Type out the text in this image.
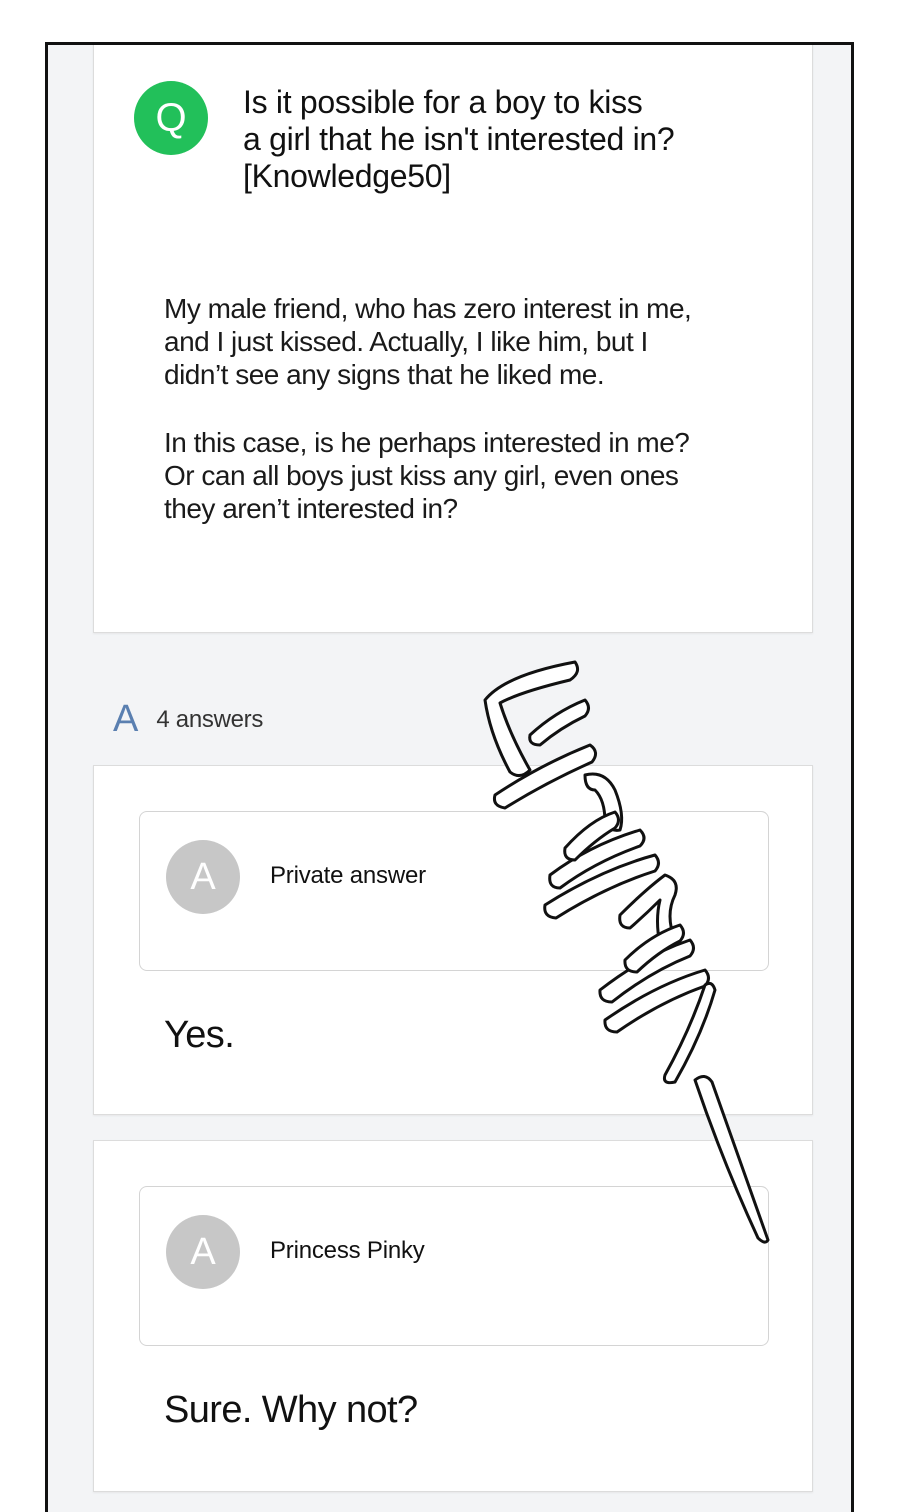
Q	Is it possible for a boy to kiss
a girl that he isn't interested in?
[Knowledge50]
My male friend, who has zero interest in me,
and I just kissed. Actually, I like him, but I
didn’t see any signs that he liked me.
In this case, is he perhaps interested in me?
Or can all boys just kiss any girl, even ones
they aren’t interested in?
A 4 answers
A	Private answer
Yes.
A	Princess Pinky
Sure. Why not?
